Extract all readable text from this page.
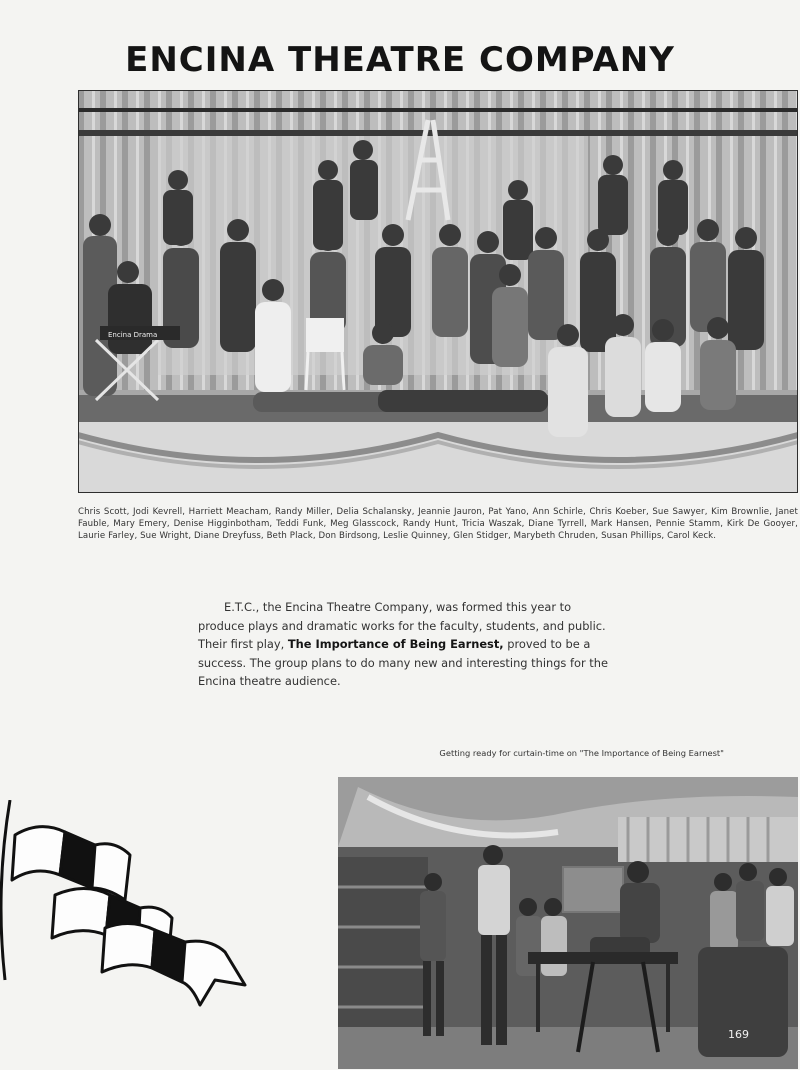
ENCINA THEATRE COMPANY
Encina Drama
Chris Scott, Jodi Kevrell, Harriett Meacham, Randy Miller, Delia Schalansky, Jeannie Jauron, Pat Yano, Ann Schirle, Chris Koeber, Sue Sawyer, Kim Brownlie, Janet Fauble, Mary Emery, Denise Higginbotham, Teddi Funk, Meg Glasscock, Randy Hunt, Tricia Waszak, Diane Tyrrell, Mark Hansen, Pennie Stamm, Kirk De Gooyer, Laurie Farley, Sue Wright, Diane Dreyfuss, Beth Plack, Don Birdsong, Leslie Quinney, Glen Stidger, Marybeth Chruden, Susan Phillips, Carol Keck.

E.T.C., the Encina Theatre Company, was formed this year to produce plays and dramatic works for the faculty, students, and public. Their first play, The Importance of Being Earnest, proved to be a success. The group plans to do many new and interesting things for the Encina theatre audience.

Getting ready for curtain-time on "The Importance of Being Earnest"
169
